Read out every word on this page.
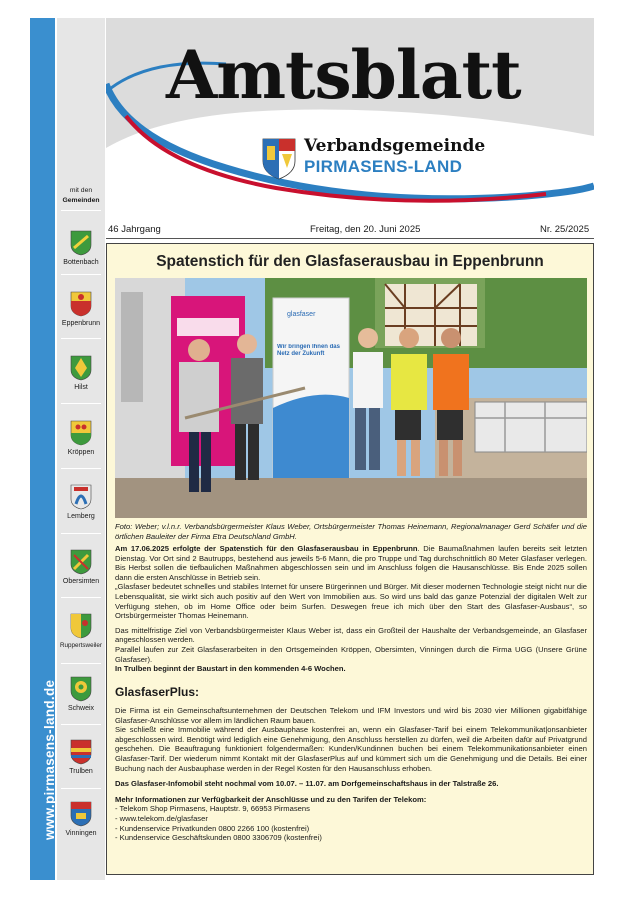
www.pirmasens-land.de
mit den
Gemeinden
Bottenbach
Eppenbrunn
Hilst
Kröppen
Lemberg
Obersimten
Ruppertsweiler
Schweix
Trulben
Vinningen
Amtsblatt
Verbandsgemeinde
PIRMASENS-LAND
46 Jahrgang	Freitag, den 20. Juni 2025	Nr. 25/2025
Spatenstich für den Glasfaserausbau in Eppenbrunn
glasfaser
Wir bringen Ihnen das Netz der Zukunft
Foto: Weber; v.l.n.r. Verbandsbürgermeister Klaus Weber, Ortsbürgermeister Thomas Heinemann, Regionalmanager Gerd Schäfer und die örtlichen Bauleiter der Firma Etra Deutschland GmbH.

Am 17.06.2025 erfolgte der Spatenstich für den Glasfaserausbau in Eppenbrunn. Die Baumaßnahmen laufen bereits seit letzten Dienstag. Vor Ort sind 2 Bautrupps, bestehend aus jeweils 5-6 Mann, die pro Truppe und Tag durchschnittlich 80 Meter Glasfaser verlegen. Bis Herbst sollen die tiefbaulichen Maßnahmen abgeschlossen sein und im Anschluss folgen die Hausanschlüsse. Bis Ende 2025 sollen dann die ersten Anschlüsse in Betrieb sein.

„Glasfaser bedeutet schnelles und stabiles Internet für unsere Bürgerinnen und Bürger. Mit dieser modernen Technologie steigt nicht nur die Lebensqualität, sie wirkt sich auch positiv auf den Wert von Immobilien aus. So wird uns bald das ganze Potenzial der digitalen Welt zur Verfügung stehen, ob im Home Office oder beim Surfen. Deswegen freue ich mich über den Start des Glasfaser-Ausbaus“, so Ortsbürgermeister Thomas Heinemann.

Das mittelfristige Ziel von Verbandsbürgermeister Klaus Weber ist, dass ein Großteil der Haushalte der Verbandsgemeinde, an Glasfaser angeschlossen werden.

Parallel laufen zur Zeit Glasfaserarbeiten in den Ortsgemeinden Kröppen, Obersimten, Vinningen durch die Firma UGG (Unsere Grüne Glasfaser).

In Trulben beginnt der Baustart in den kommenden 4-6 Wochen.

GlasfaserPlus:

Die Firma ist ein Gemeinschaftsunternehmen der Deutschen Telekom und IFM Investors und wird bis 2030 vier Millionen gigabitfähige Glasfaser-Anschlüsse vor allem im ländlichen Raum bauen.

Sie schließt eine Immobilie während der Ausbauphase kostenfrei an, wenn ein Glasfaser-Tarif bei einem Telekommunikat|onsanbieter abgeschlossen wird. Benötigt wird lediglich eine Genehmigung, den Anschluss herstellen zu dürfen, weil die Arbeiten dafür auf Privatgrund geschehen. Die Beauftragung funktioniert folgendermaßen: Kunden/Kundinnen buchen bei einem Telekommunikationsanbieter einen Glasfaser-Tarif. Der wiederum nimmt Kontakt mit der GlasfaserPlus auf und kümmert sich um die Genehmigung und die Details. Bei einer Buchung nach der Ausbauphase werden in der Regel Kosten für den Hausanschluss erhoben.

Das Glasfaser-Infomobil steht nochmal vom 10.07. – 11.07. am Dorfgemeinschaftshaus in der Talstraße 26.

Mehr Informationen zur Verfügbarkeit der Anschlüsse und zu den Tarifen der Telekom:

- Telekom Shop Pirmasens, Hauptstr. 9, 66953 Pirmasens

- www.telekom.de/glasfaser

- Kundenservice Privatkunden 0800 2266 100 (kostenfrei)

- Kundenservice Geschäftskunden 0800 3306709 (kostenfrei)
